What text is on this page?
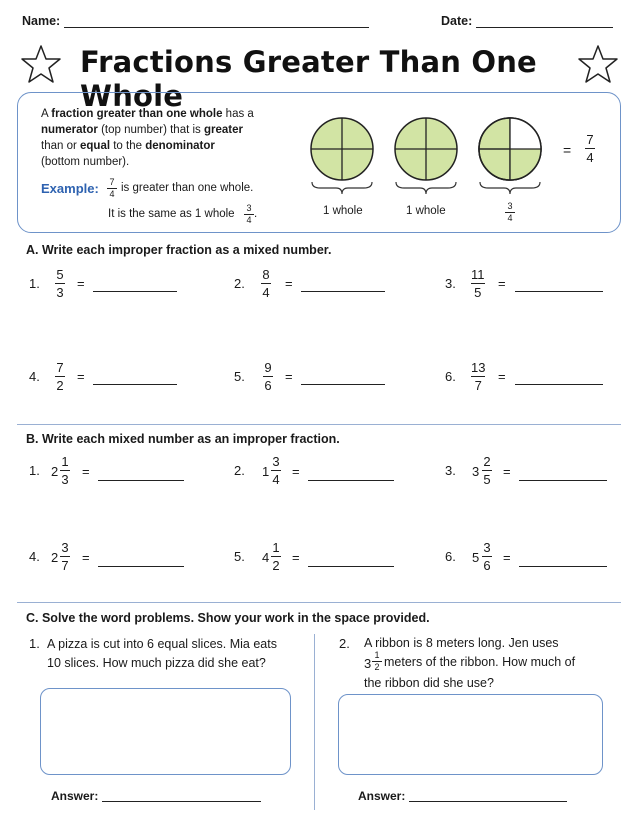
Name:	Date:
Fractions Greater Than One Whole
A fraction greater than one whole has a
numerator (top number) that is greater
than or equal to the denominator
(bottom number).
Example: 7
4 is greater than one whole.
It is the same as 1 whole 3
4 .	1 whole	1 whole	3
4
=
7
4
A. Write each improper fraction as a mixed number.
1.
5
3
=	2.
8
4
=	3.
11
5
=
4.
7
2
=	5.
9
6
=	6.
13
7
=
B. Write each mixed number as an improper fraction.
1. 2
1
3
=	2. 1
3
4
=	3. 3
2
5
=
4. 2
3
7
=	5. 4
1
2
=	6. 5
3
6
=
C. Solve the word problems. Show your work in the space provided.
1. A pizza is cut into 6 equal slices. Mia eats
10 slices. How much pizza did she eat?
Answer:
2. A ribbon is 8 meters long. Jen uses
3
1
2 meters of the ribbon. How much of
the ribbon did she use?
Answer:
